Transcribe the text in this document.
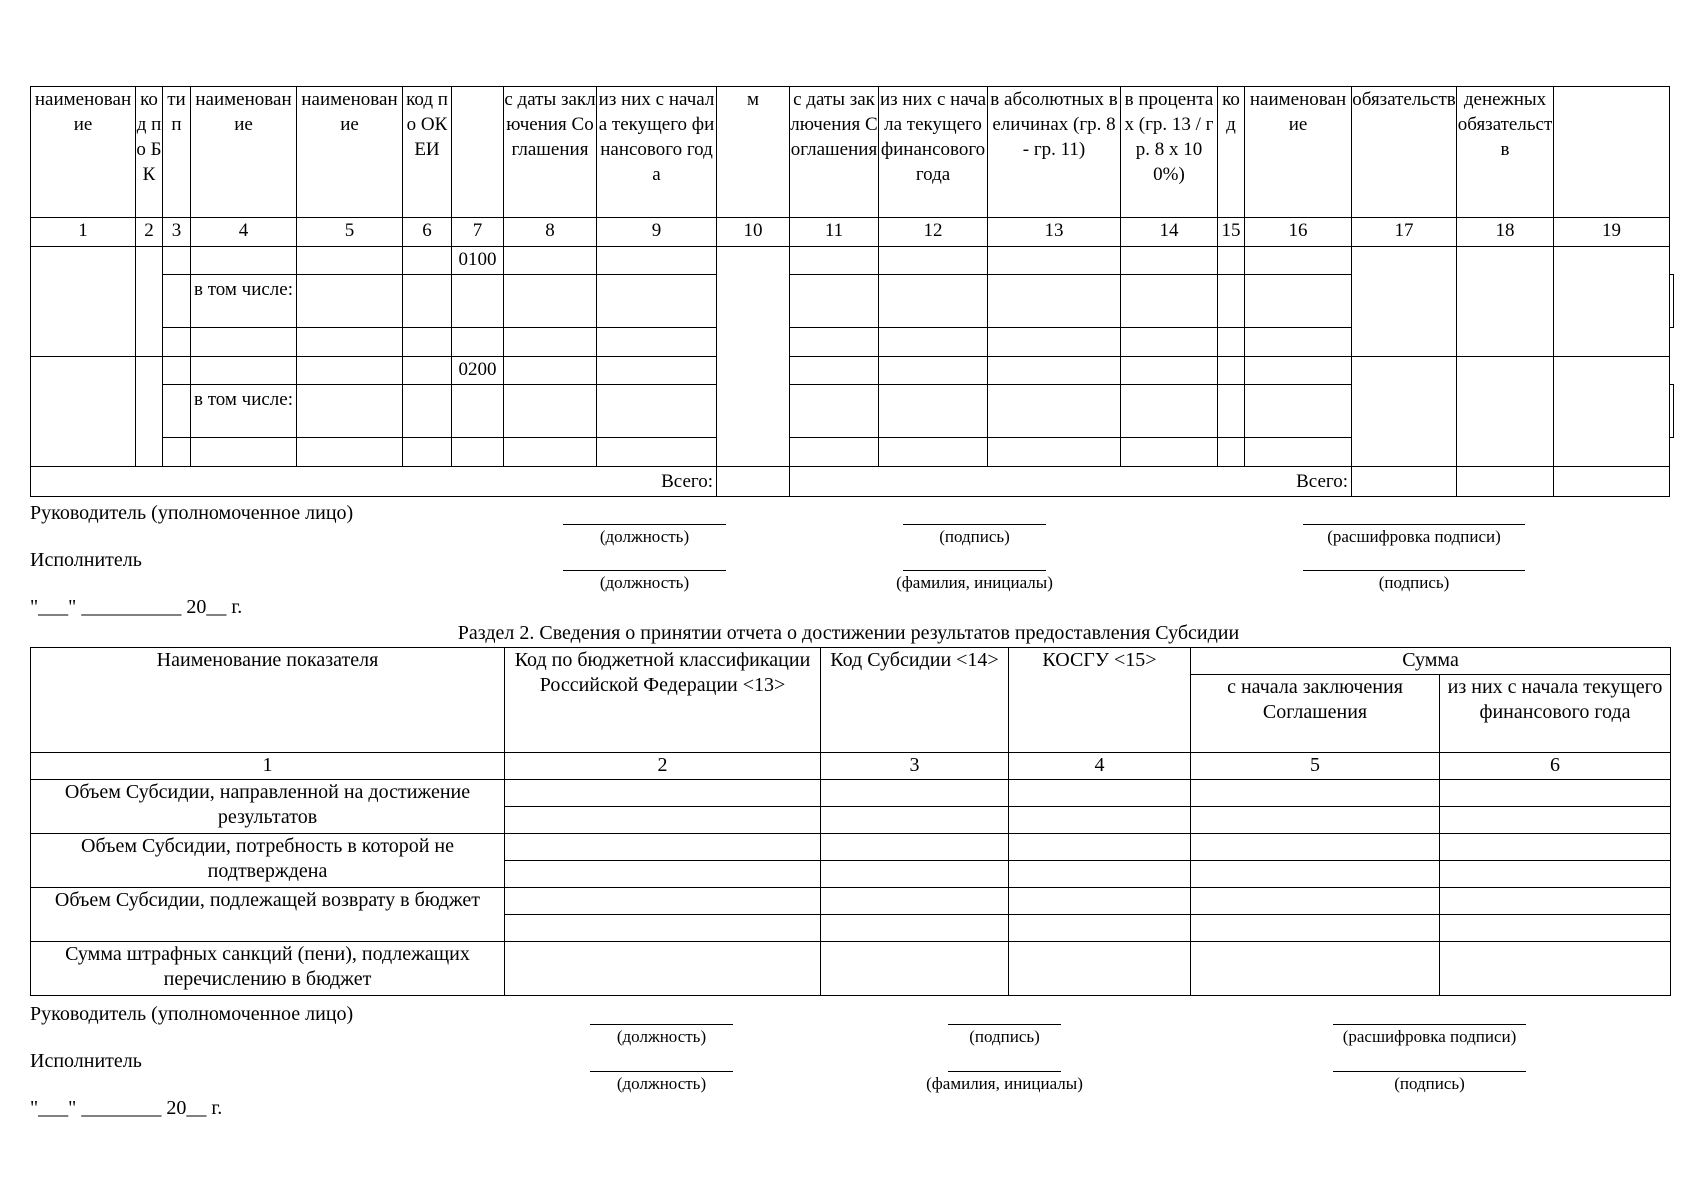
наименование	код по БК	тип	наименование	наименование	код по ОКЕИ		с даты заключения Соглашения	из них с начала текущего финансового года	м	с даты заключения Соглашения	из них с начала текущего финансового года	в абсолютных величинах (гр. 8 - гр. 11)	в процентах (гр. 13 / гр. 8 x 100%)	код	наименование	обязательств	денежных обязательств		
1	2	3	4	5	6	7	8	9	10	11	12	13	14	15	16	17	18	19	
						0100													
			в том числе:																

						0200													
			в том числе:																

Всего:										Всего:									
Руководитель (уполномоченное лицо)
(должность)	(подпись)	(расшифровка подписи)
Исполнитель
(должность)	(фамилия, инициалы)	(подпись)
"___" __________ 20__ г.
Раздел 2. Сведения о принятии отчета о достижении результатов предоставления Субсидии
Наименование показателя	Код по бюджетной классификации Российской Федерации <13>	Код Субсидии <14>	КОСГУ <15>	Сумма	
				с начала заключения Соглашения	из них с начала текущего финансового года
1	2	3	4	5	6
Объем Субсидии, направленной на достижение результатов					

Объем Субсидии, потребность в которой не подтверждена					

Объем Субсидии, подлежащей возврату в бюджет					

Сумма штрафных санкций (пени), подлежащих перечислению в бюджет					
Руководитель (уполномоченное лицо)
(должность)	(подпись)	(расшифровка подписи)
Исполнитель
(должность)	(фамилия, инициалы)	(подпись)
"___" ________ 20__ г.
